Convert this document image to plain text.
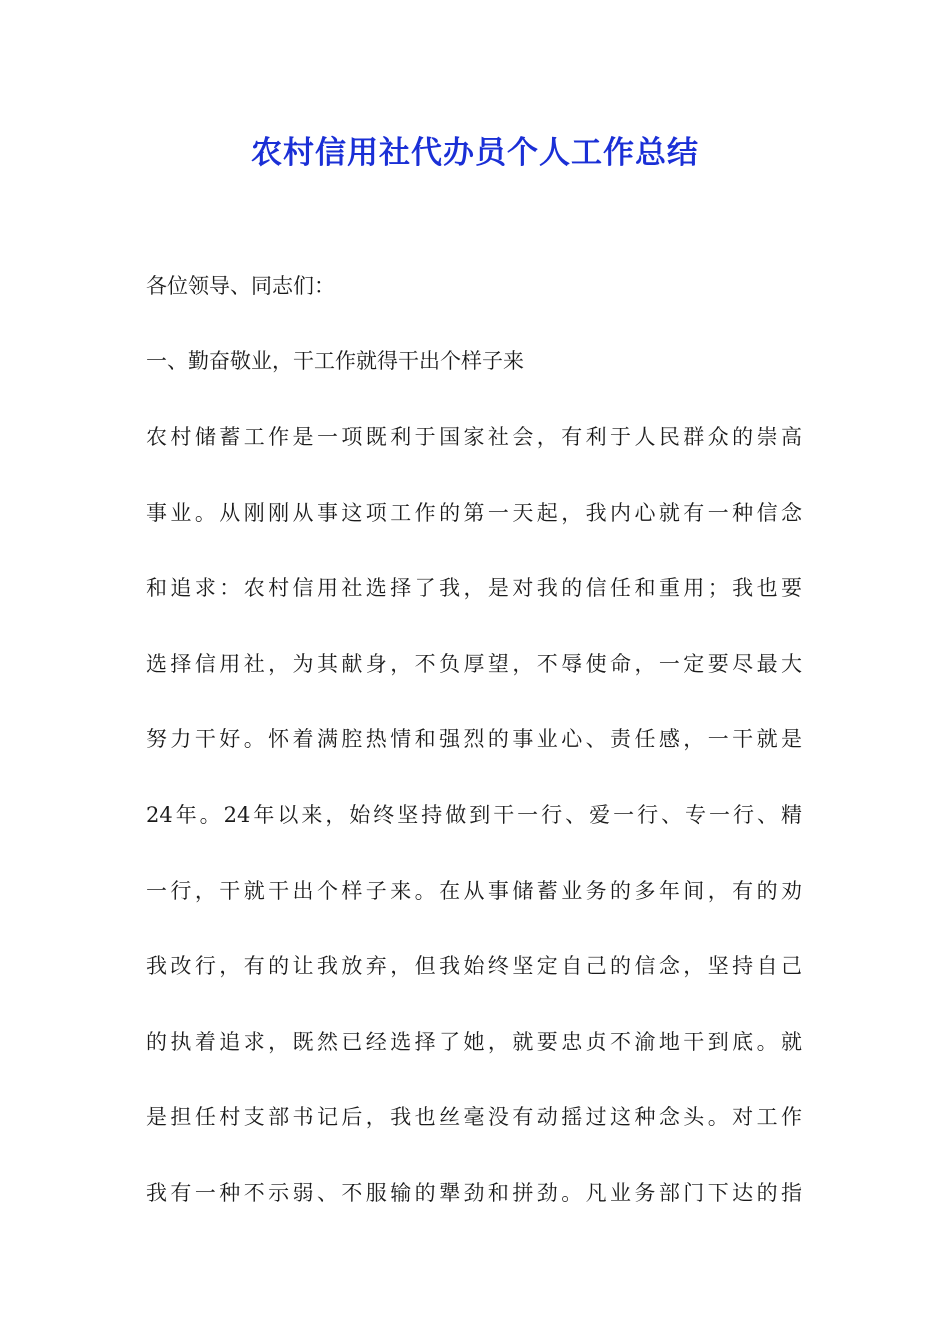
农村信用社代办员个人工作总结
各位领导、同志们：
一、勤奋敬业，干工作就得干出个样子来
农村储蓄工作是一项既利于国家社会，有利于人民群众的崇高
事业。从刚刚从事这项工作的第一天起，我内心就有一种信念
和追求：农村信用社选择了我，是对我的信任和重用；我也要
选择信用社，为其献身，不负厚望，不辱使命，一定要尽最大
努力干好。怀着满腔热情和强烈的事业心、责任感，一干就是
24年。24年以来，始终坚持做到干一行、爱一行、专一行、精
一行，干就干出个样子来。在从事储蓄业务的多年间，有的劝
我改行，有的让我放弃，但我始终坚定自己的信念，坚持自己
的执着追求，既然已经选择了她，就要忠贞不渝地干到底。就
是担任村支部书记后，我也丝毫没有动摇过这种念头。对工作
我有一种不示弱、不服输的犟劲和拼劲。凡业务部门下达的指
